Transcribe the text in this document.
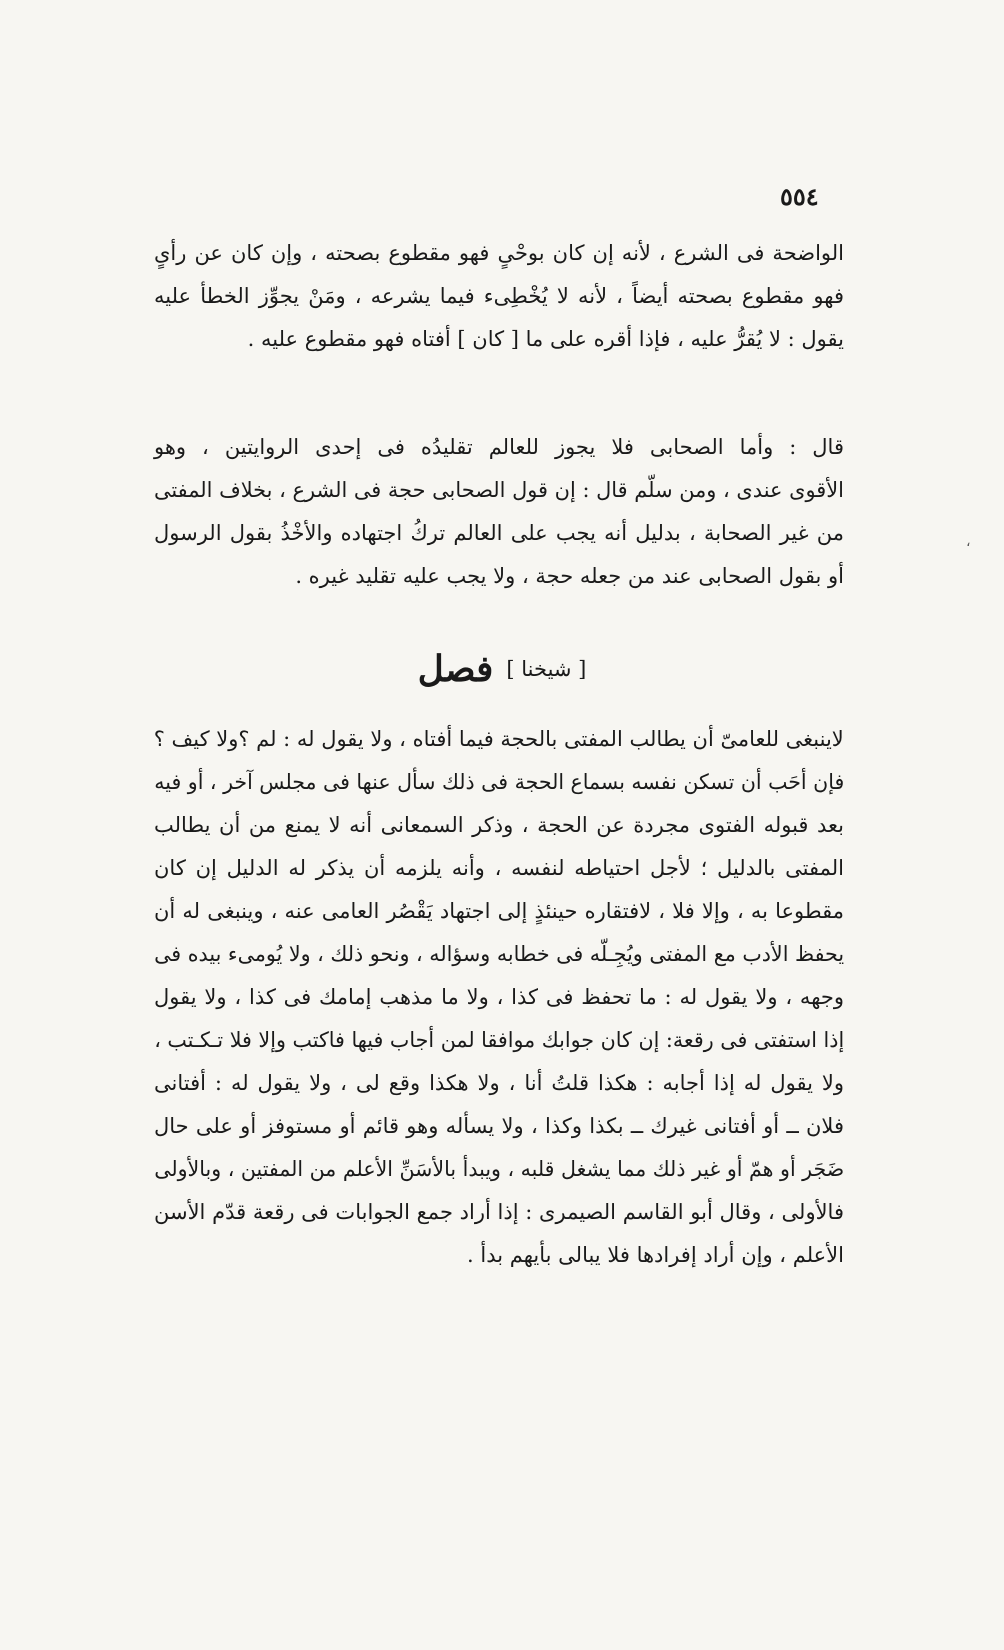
٥٥٤
الواضحة فى الشرع ، لأنه إن كان بوحْىٍ فهو مقطوع بصحته ، وإن كان عن رأىٍ
فهو مقطوع بصحته أيضاً ، لأنه لا يُخْطِىء فيما يشرعه ، ومَنْ يجوِّز الخطأ عليه
يقول : لا يُقرُّ عليه ، فإذا أقره على ما [ كان ] أفتاه فهو مقطوع عليه .
قال : وأما الصحابى فلا يجوز للعالم تقليدُه فى إحدى الروايتين ، وهو
الأقوى عندى ، ومن سلّم قال : إن قول الصحابى حجة فى الشرع ، بخلاف المفتى
من غير الصحابة ، بدليل أنه يجب على العالم تركُ اجتهاده والأخْذُ بقول الرسول
أو بقول الصحابى عند من جعله حجة ، ولا يجب عليه تقليد غيره .
[ شيخنا ] فصل
لاينبغى للعامىّ أن يطالب المفتى بالحجة فيما أفتاه ، ولا يقول له : لم ؟ولا كيف ؟
فإن أحَب أن تسكن نفسه بسماع الحجة فى ذلك سأل عنها فى مجلس آخر ، أو فيه
بعد قبوله الفتوى مجردة عن الحجة ، وذكر السمعانى أنه لا يمنع من أن يطالب
المفتى بالدليل ؛ لأجل احتياطه لنفسه ، وأنه يلزمه أن يذكر له الدليل إن كان
مقطوعا به ، وإلا فلا ، لافتقاره حينئذٍ إلى اجتهاد يَقْصُر العامى عنه ، وينبغى له أن
يحفظ الأدب مع المفتى ويُجِـلّه فى خطابه وسؤاله ، ونحو ذلك ، ولا يُومىء بيده فى
وجهه ، ولا يقول له : ما تحفظ فى كذا ، ولا ما مذهب إمامك فى كذا ، ولا يقول
إذا استفتى فى رقعة: إن كان جوابك موافقا لمن أجاب فيها فاكتب وإلا فلا تـكـتب ،
ولا يقول له إذا أجابه : هكذا قلتُ أنا ، ولا هكذا وقع لى ، ولا يقول له : أفتانى
فلان ــ أو أفتانى غيرك ــ بكذا وكذا ، ولا يسأله وهو قائم أو مستوفز أو على حال
ضَجَر أو همّ أو غير ذلك مما يشغل قلبه ، ويبدأ بالأسَنِّ الأعلم من المفتين ، وبالأولى
فالأولى ، وقال أبو القاسم الصيمرى : إذا أراد جمع الجوابات فى رقعة قدّم الأسن
الأعلم ، وإن أراد إفرادها فلا يبالى بأيهم بدأ .
،
